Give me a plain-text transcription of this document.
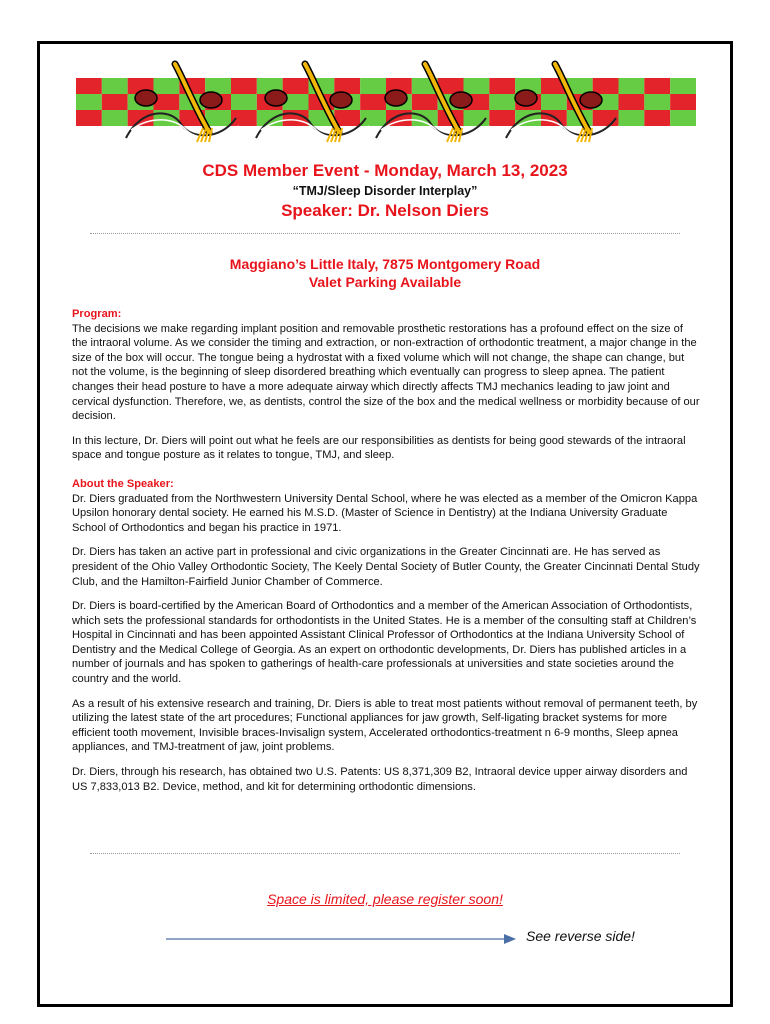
CDS Member Event - Monday, March 13, 2023
“TMJ/Sleep Disorder Interplay”
Speaker: Dr. Nelson Diers
Maggiano’s Little Italy, 7875 Montgomery Road
Valet Parking Available

Program:
The decisions we make regarding implant position and removable prosthetic restorations has a profound effect on the size of the intraoral volume. As we consider the timing and extraction, or non-extraction of orthodontic treatment, a major change in the size of the box will occur. The tongue being a hydrostat with a fixed volume which will not change, the shape can change, but not the volume, is the beginning of sleep disordered breathing which eventually can progress to sleep apnea. The patient changes their head posture to have a more adequate airway which directly affects TMJ mechanics leading to jaw joint and cervical dysfunction. Therefore, we, as dentists, control the size of the box and the medical wellness or morbidity because of our decision.

In this lecture, Dr. Diers will point out what he feels are our responsibilities as dentists for being good stewards of the intraoral space and tongue posture as it relates to tongue, TMJ, and sleep.

About the Speaker:
Dr. Diers graduated from the Northwestern University Dental School, where he was elected as a member of the Omicron Kappa Upsilon honorary dental society. He earned his M.S.D. (Master of Science in Dentistry) at the Indiana University Graduate School of Orthodontics and began his practice in 1971.

Dr. Diers has taken an active part in professional and civic organizations in the Greater Cincinnati are. He has served as president of the Ohio Valley Orthodontic Society, The Keely Dental Society of Butler County, the Greater Cincinnati Dental Study Club, and the Hamilton-Fairfield Junior Chamber of Commerce.

Dr. Diers is board-certified by the American Board of Orthodontics and a member of the American Association of Orthodontists, which sets the professional standards for orthodontists in the United States. He is a member of the consulting staff at Children’s Hospital in Cincinnati and has been appointed Assistant Clinical Professor of Orthodontics at the Indiana University School of Dentistry and the Medical College of Georgia. As an expert on orthodontic developments, Dr. Diers has published articles in a number of journals and has spoken to gatherings of health-care professionals at universities and state societies around the country and the world.

As a result of his extensive research and training, Dr. Diers is able to treat most patients without removal of permanent teeth, by utilizing the latest state of the art procedures; Functional appliances for jaw growth, Self-ligating bracket systems for more efficient tooth movement, Invisible braces-Invisalign system, Accelerated orthodontics-treatment n 6-9 months, Sleep apnea appliances, and TMJ-treatment of jaw, joint problems.

Dr. Diers, through his research, has obtained two U.S. Patents: US 8,371,309 B2, Intraoral device upper airway disorders and US 7,833,013 B2. Device, method, and kit for determining orthodontic dimensions.

Space is limited, please register soon!
See reverse side!
